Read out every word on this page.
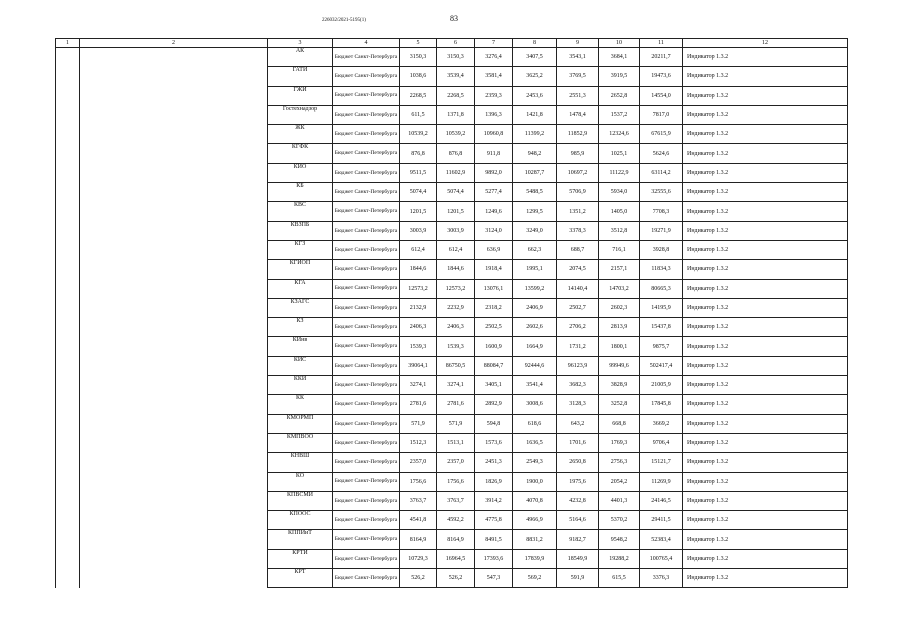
226032/2021-5195(1)	83
1	2	3	4	5	6	7	8	9	10	11	12
		АК	Бюджет Санкт-Петербурга	3150,3	3150,3	3276,4	3407,5	3543,1	3684,1	20211,7	Индикатор 1.3.2
		ГАТИ	Бюджет Санкт-Петербурга	1038,6	3539,4	3581,4	3625,2	3769,5	3919,5	19473,6	Индикатор 1.3.2
		ГЖИ	Бюджет Санкт-Петербурга	2268,5	2268,5	2359,3	2453,6	2551,3	2652,8	14554,0	Индикатор 1.3.2
		Гостехнадзор	Бюджет Санкт-Петербурга	611,5	1371,8	1396,3	1421,8	1478,4	1537,2	7817,0	Индикатор 1.3.2
		ЖК	Бюджет Санкт-Петербурга	10539,2	10539,2	10960,8	11399,2	11852,9	12324,6	67615,9	Индикатор 1.3.2
		КГФК	Бюджет Санкт-Петербурга	876,8	876,8	911,8	948,2	985,9	1025,1	5624,6	Индикатор 1.3.2
		КИО	Бюджет Санкт-Петербурга	9511,5	11602,9	9892,0	10287,7	10697,2	11122,9	63114,2	Индикатор 1.3.2
		КБ	Бюджет Санкт-Петербурга	5074,4	5074,4	5277,4	5488,5	5706,9	5934,0	32555,6	Индикатор 1.3.2
		КВС	Бюджет Санкт-Петербурга	1201,5	1201,5	1249,6	1299,5	1351,2	1405,0	7708,3	Индикатор 1.3.2
		КВЗПБ	Бюджет Санкт-Петербурга	3003,9	3003,9	3124,0	3249,0	3378,3	3512,8	19271,9	Индикатор 1.3.2
		КГЗ	Бюджет Санкт-Петербурга	612,4	612,4	636,9	662,3	688,7	716,1	3928,8	Индикатор 1.3.2
		КГИОП	Бюджет Санкт-Петербурга	1844,6	1844,6	1918,4	1995,1	2074,5	2157,1	11834,3	Индикатор 1.3.2
		КГА	Бюджет Санкт-Петербурга	12573,2	12573,2	13076,1	13599,2	14140,4	14703,2	80665,3	Индикатор 1.3.2
		КЗАГС	Бюджет Санкт-Петербурга	2132,9	2232,9	2318,2	2406,9	2502,7	2602,3	14195,9	Индикатор 1.3.2
		КЗ	Бюджет Санкт-Петербурга	2406,3	2406,3	2502,5	2602,6	2706,2	2813,9	15437,8	Индикатор 1.3.2
		КИнв	Бюджет Санкт-Петербурга	1539,3	1539,3	1600,9	1664,9	1731,2	1800,1	9875,7	Индикатор 1.3.2
		КИС	Бюджет Санкт-Петербурга	39064,1	86750,5	88084,7	92444,6	96123,9	99949,6	502417,4	Индикатор 1.3.2
		ККИ	Бюджет Санкт-Петербурга	3274,1	3274,1	3405,1	3541,4	3682,3	3828,9	21005,9	Индикатор 1.3.2
		КК	Бюджет Санкт-Петербурга	2781,6	2781,6	2892,9	3008,6	3128,3	3252,8	17845,8	Индикатор 1.3.2
		КМОРМП	Бюджет Санкт-Петербурга	571,9	571,9	594,8	618,6	643,2	668,8	3669,2	Индикатор 1.3.2
		КМПВОО	Бюджет Санкт-Петербурга	1512,3	1513,1	1573,6	1636,5	1701,6	1769,3	9706,4	Индикатор 1.3.2
		КНВШ	Бюджет Санкт-Петербурга	2357,0	2357,0	2451,3	2549,3	2650,8	2756,3	15121,7	Индикатор 1.3.2
		КО	Бюджет Санкт-Петербурга	1756,6	1756,6	1826,9	1900,0	1975,6	2054,2	11269,9	Индикатор 1.3.2
		КПВСМИ	Бюджет Санкт-Петербурга	3763,7	3763,7	3914,2	4070,8	4232,8	4401,3	24146,5	Индикатор 1.3.2
		КПООС	Бюджет Санкт-Петербурга	4541,8	4592,2	4775,8	4966,9	5164,6	5370,2	29411,5	Индикатор 1.3.2
		КППИиТ	Бюджет Санкт-Петербурга	8164,9	8164,9	8491,5	8831,2	9182,7	9548,2	52383,4	Индикатор 1.3.2
		КРТИ	Бюджет Санкт-Петербурга	10729,3	16964,5	17393,6	17839,9	18549,9	19288,2	100765,4	Индикатор 1.3.2
		КРТ	Бюджет Санкт-Петербурга	526,2	526,2	547,3	569,2	591,9	615,5	3376,3	Индикатор 1.3.2
